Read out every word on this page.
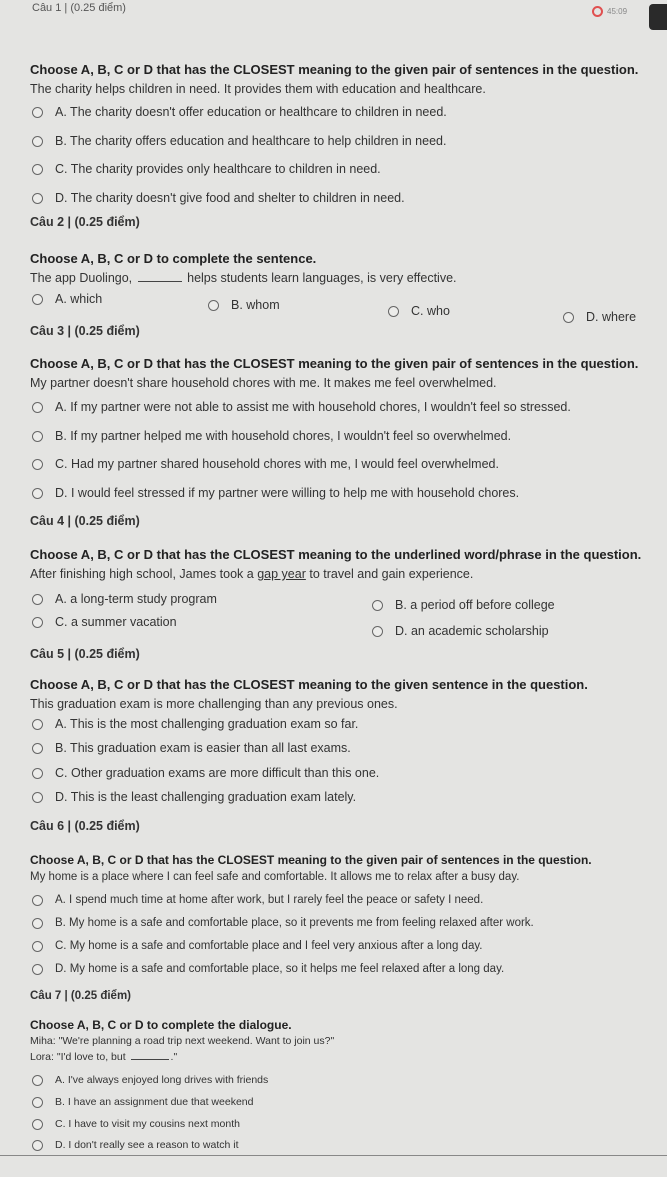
Câu 1 | (0.25 điểm)	45:09
Choose A, B, C or D that has the CLOSEST meaning to the given pair of sentences in the question.
The charity helps children in need. It provides them with education and healthcare.
A. The charity doesn't offer education or healthcare to children in need.
B. The charity offers education and healthcare to help children in need.
C. The charity provides only healthcare to children in need.
D. The charity doesn't give food and shelter to children in need.
Câu 2 | (0.25 điểm)
Choose A, B, C or D to complete the sentence.
The app Duolingo,	helps students learn languages, is very effective.
A. which	B. whom	C. who	D. where
Câu 3 | (0.25 điểm)
Choose A, B, C or D that has the CLOSEST meaning to the given pair of sentences in the question.
My partner doesn't share household chores with me. It makes me feel overwhelmed.
A. If my partner were not able to assist me with household chores, I wouldn't feel so stressed.
B. If my partner helped me with household chores, I wouldn't feel so overwhelmed.
C. Had my partner shared household chores with me, I would feel overwhelmed.
D. I would feel stressed if my partner were willing to help me with household chores.
Câu 4 | (0.25 điểm)
Choose A, B, C or D that has the CLOSEST meaning to the underlined word/phrase in the question.
After finishing high school, James took a gap year to travel and gain experience.
A. a long-term study program	B. a period off before college
C. a summer vacation
D. an academic scholarship
Câu 5 | (0.25 điểm)
Choose A, B, C or D that has the CLOSEST meaning to the given sentence in the question.
This graduation exam is more challenging than any previous ones.
A. This is the most challenging graduation exam so far.
B. This graduation exam is easier than all last exams.
C. Other graduation exams are more difficult than this one.
D. This is the least challenging graduation exam lately.
Câu 6 | (0.25 điểm)
Choose A, B, C or D that has the CLOSEST meaning to the given pair of sentences in the question.
My home is a place where I can feel safe and comfortable. It allows me to relax after a busy day.
A. I spend much time at home after work, but I rarely feel the peace or safety I need.
B. My home is a safe and comfortable place, so it prevents me from feeling relaxed after work.
C. My home is a safe and comfortable place and I feel very anxious after a long day.
D. My home is a safe and comfortable place, so it helps me feel relaxed after a long day.
Câu 7 | (0.25 điểm)
Choose A, B, C or D to complete the dialogue.
Miha: "We're planning a road trip next weekend. Want to join us?"
Lora: "I'd love to, but	."
A. I've always enjoyed long drives with friends
B. I have an assignment due that weekend
C. I have to visit my cousins next month
D. I don't really see a reason to watch it
